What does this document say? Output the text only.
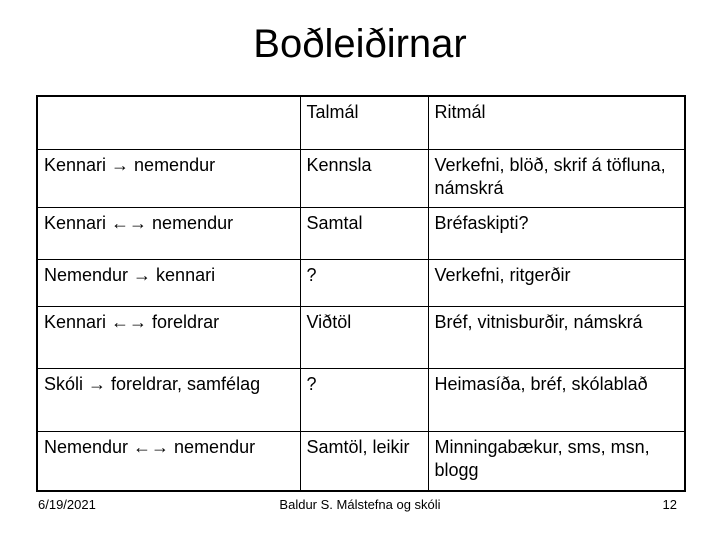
Boðleiðirnar
	Talmál	Ritmál
Kennari → nemendur	Kennsla	Verkefni, blöð, skrif á töfluna, námskrá
Kennari ←→ nemendur	Samtal	Bréfaskipti?
Nemendur → kennari	?	Verkefni, ritgerðir
Kennari ←→ foreldrar	Viðtöl	Bréf, vitnisburðir, námskrá
Skóli → foreldrar, samfélag	?	Heimasíða, bréf, skólablað
Nemendur ←→ nemendur	Samtöl, leikir	Minningabækur, sms, msn, blogg
6/19/2021	Baldur S. Málstefna og skóli	12
